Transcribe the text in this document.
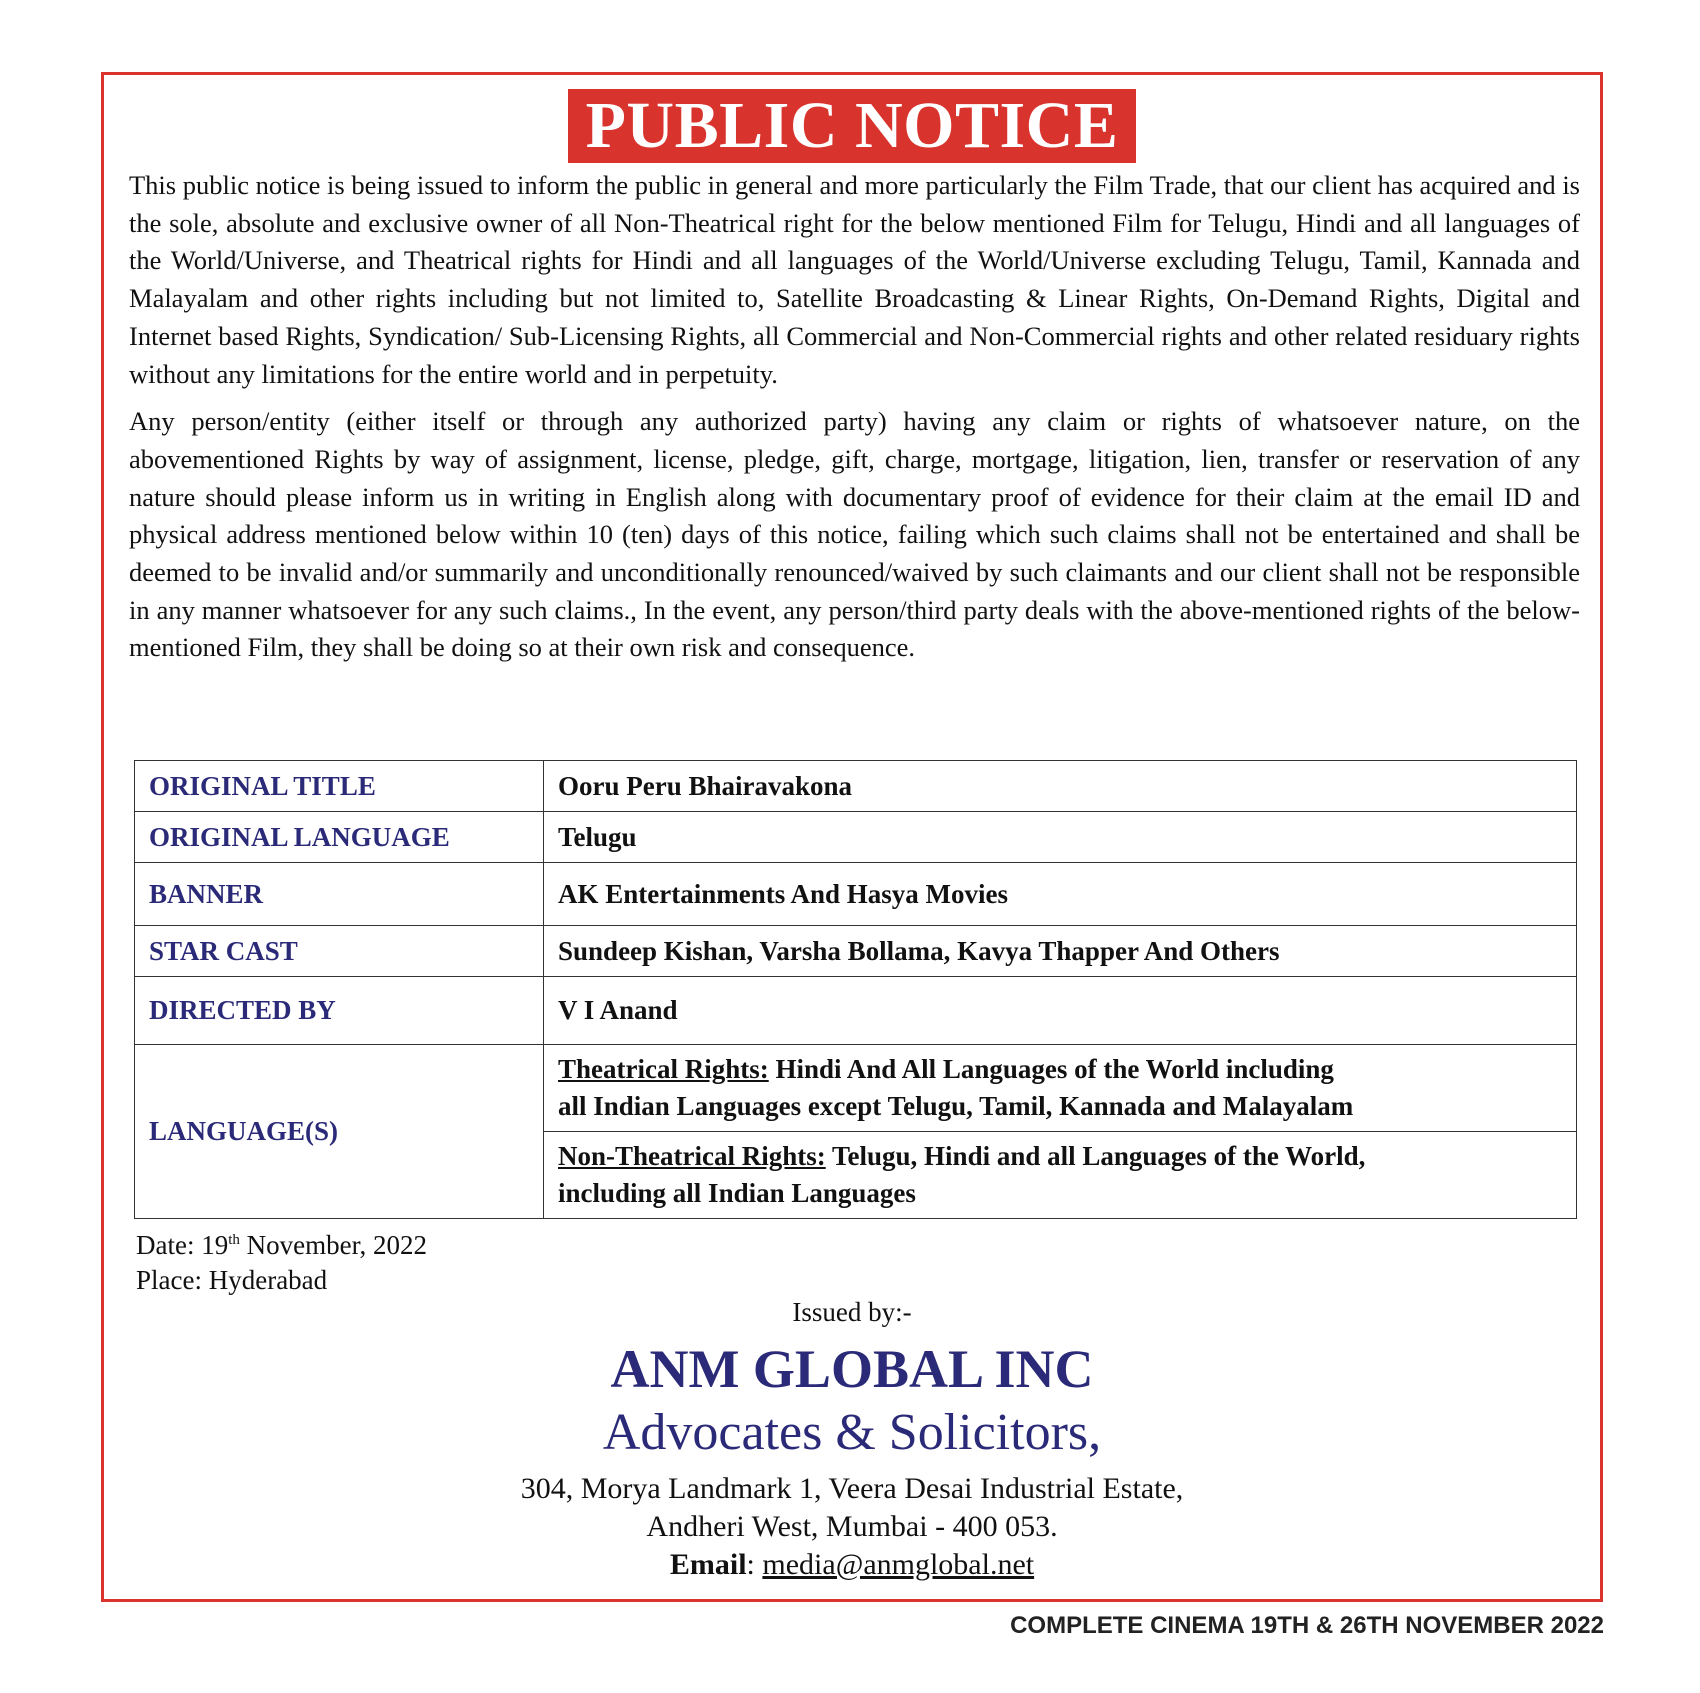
PUBLIC NOTICE

This public notice is being issued to inform the public in general and more particularly the Film Trade, that our client has acquired and is the sole, absolute and exclusive owner of all Non-Theatrical right for the below mentioned Film for Telugu, Hindi and all languages of the World/Universe, and Theatrical rights for Hindi and all languages of the World/Universe excluding Telugu, Tamil, Kannada and Malayalam and other rights including but not limited to, Satellite Broadcasting & Linear Rights, On-Demand Rights, Digital and Internet based Rights, Syndication/ Sub-Licensing Rights, all Commercial and Non-Commercial rights and other related residuary rights without any limitations for the entire world and in perpetuity.

Any person/entity (either itself or through any authorized party) having any claim or rights of whatsoever nature, on the abovementioned Rights by way of assignment, license, pledge, gift, charge, mortgage, litigation, lien, transfer or reservation of any nature should please inform us in writing in English along with documentary proof of evidence for their claim at the email ID and physical address mentioned below within 10 (ten) days of this notice, failing which such claims shall not be entertained and shall be deemed to be invalid and/or summarily and unconditionally renounced/waived by such claimants and our client shall not be responsible in any manner whatsoever for any such claims., In the event, any person/third party deals with the above-mentioned rights of the below-mentioned Film, they shall be doing so at their own risk and consequence.

ORIGINAL TITLE	Ooru Peru Bhairavakona
ORIGINAL LANGUAGE	Telugu
BANNER	AK Entertainments And Hasya Movies
STAR CAST	Sundeep Kishan, Varsha Bollama, Kavya Thapper And Others
DIRECTED BY	V I Anand
LANGUAGE(S)	Theatrical Rights: Hindi And All Languages of the World including
all Indian Languages except Telugu, Tamil, Kannada and Malayalam
	Non-Theatrical Rights: Telugu, Hindi and all Languages of the World,
including all Indian Languages
Date: 19th November, 2022
Place: Hyderabad
Issued by:-
ANM GLOBAL INC
Advocates & Solicitors,
304, Morya Landmark 1, Veera Desai Industrial Estate,
Andheri West, Mumbai - 400 053.
Email: media@anmglobal.net
COMPLETE CINEMA 19TH & 26TH NOVEMBER 2022
